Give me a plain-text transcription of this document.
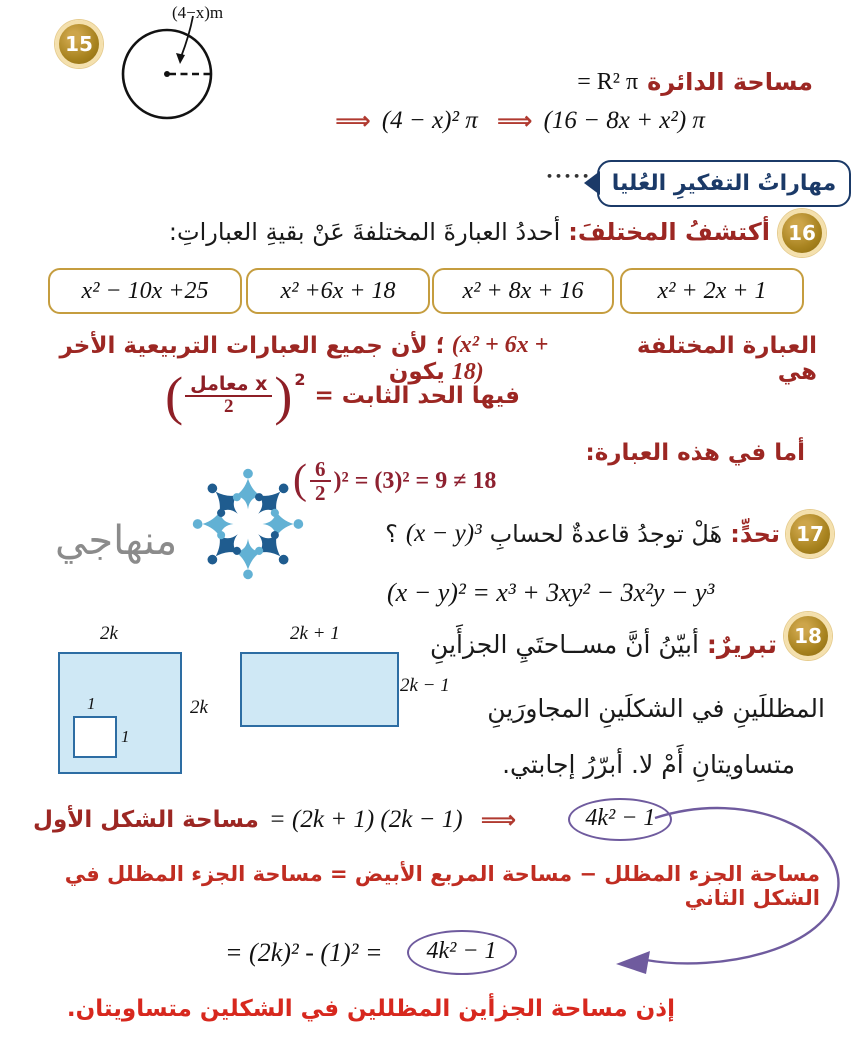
15
(4−x)m
مساحة الدائرة
= R² π
⟹ (4 − x)² π ⟹ (16 − 8x + x²) π
••••• مهاراتُ التفكيرِ العُليا
16
أكتشفُ المختلفَ:
أحددُ العبارةَ المختلفةَ عَنْ بقيةِ العباراتِ:
x² − 10x +25	x² +6x + 18	x² + 8x + 16	x² + 2x + 1
العبارة المختلفة هي
(x² + 6x + 18)
؛ لأن جميع العبارات التربيعية الأخر يكون
فيها الحد الثابت =
( $\frac{\text{معامل x}}{2}$ ) 2
أما في هذه العبارة:
( $\frac{6}{2} )^2 = (3)^2 = 9 \ne 18$
منهاجي	17
تحدٍّ:
هَلْ توجدُ قاعدةٌ لحسابِ
(x − y)³
؟
(x − y)² = x³ + 3xy² − 3x²y − y³
18
تبريرٌ:
أبيّنُ أنَّ مســاحتَيِ الجزأَينِ
المظللَينِ في الشكلَينِ المجاورَينِ
متساويتانِ أَمْ لا. أبرّرُ إجابتي.
2k
2k
1
1
2k + 1
2k − 1
مساحة الشكل الأول = (2k + 1) (2k − 1) ⟹	4k² − 1
مساحة الجزء المظلل − مساحة المربع الأبيض = مساحة الجزء المظلل في الشكل الثاني
= (2k)² - (1)² =	4k² − 1
إذن مساحة الجزأين المظللين في الشكلين متساويتان.
